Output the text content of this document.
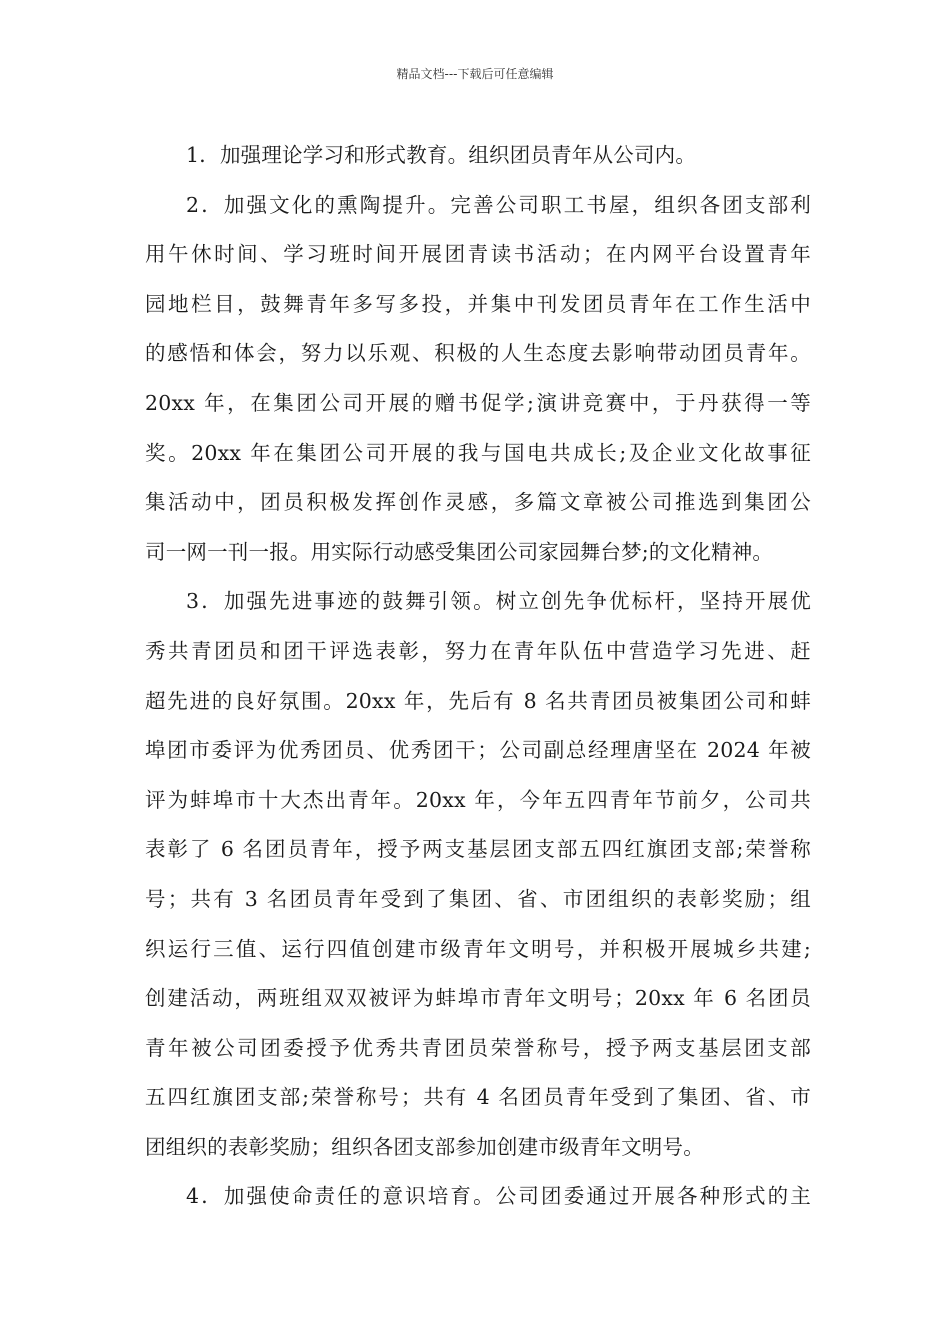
精品文档---下载后可任意编辑
1．加强理论学习和形式教育。组织团员青年从公司内。
2．加强文化的熏陶提升。完善公司职工书屋，组织各团支部利
用午休时间、学习班时间开展团青读书活动；在内网平台设置青年
园地栏目，鼓舞青年多写多投，并集中刊发团员青年在工作生活中
的感悟和体会，努力以乐观、积极的人生态度去影响带动团员青年。
20xx 年，在集团公司开展的赠书促学;演讲竞赛中，于丹获得一等
奖。20xx 年在集团公司开展的我与国电共成长;及企业文化故事征
集活动中，团员积极发挥创作灵感，多篇文章被公司推选到集团公
司一网一刊一报。用实际行动感受集团公司家园舞台梦;的文化精神。
3．加强先进事迹的鼓舞引领。树立创先争优标杆，坚持开展优
秀共青团员和团干评选表彰，努力在青年队伍中营造学习先进、赶
超先进的良好氛围。20xx 年，先后有 8 名共青团员被集团公司和蚌
埠团市委评为优秀团员、优秀团干；公司副总经理唐坚在 2024 年被
评为蚌埠市十大杰出青年。20xx 年，今年五四青年节前夕，公司共
表彰了 6 名团员青年，授予两支基层团支部五四红旗团支部;荣誉称
号；共有 3 名团员青年受到了集团、省、市团组织的表彰奖励；组
织运行三值、运行四值创建市级青年文明号，并积极开展城乡共建;
创建活动，两班组双双被评为蚌埠市青年文明号；20xx 年 6 名团员
青年被公司团委授予优秀共青团员荣誉称号，授予两支基层团支部
五四红旗团支部;荣誉称号；共有 4 名团员青年受到了集团、省、市
团组织的表彰奖励；组织各团支部参加创建市级青年文明号。
4．加强使命责任的意识培育。公司团委通过开展各种形式的主
